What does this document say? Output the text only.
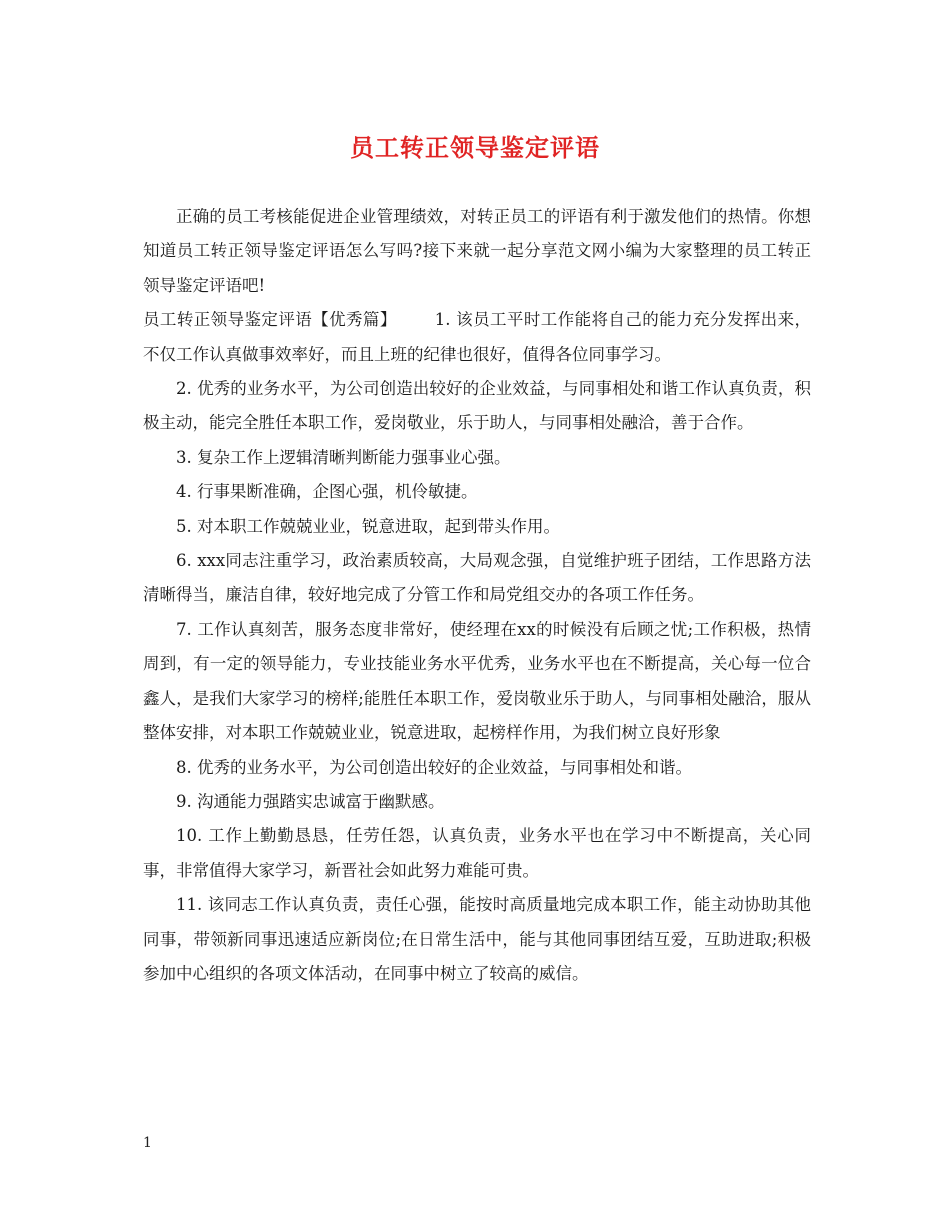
员工转正领导鉴定评语

正确的员工考核能促进企业管理绩效，对转正员工的评语有利于激发他们的热情。你想知道员工转正领导鉴定评语怎么写吗?接下来就一起分享范文网小编为大家整理的员工转正领导鉴定评语吧!

员工转正领导鉴定评语【优秀篇】 1. 该员工平时工作能将自己的能力充分发挥出来，不仅工作认真做事效率好，而且上班的纪律也很好，值得各位同事学习。

2. 优秀的业务水平，为公司创造出较好的企业效益，与同事相处和谐工作认真负责，积极主动，能完全胜任本职工作，爱岗敬业，乐于助人，与同事相处融洽，善于合作。

3. 复杂工作上逻辑清晰判断能力强事业心强。

4. 行事果断准确，企图心强，机伶敏捷。

5. 对本职工作兢兢业业，锐意进取，起到带头作用。

6. xxx同志注重学习，政治素质较高，大局观念强，自觉维护班子团结，工作思路方法清晰得当，廉洁自律，较好地完成了分管工作和局党组交办的各项工作任务。

7. 工作认真刻苦，服务态度非常好，使经理在xx的时候没有后顾之忧;工作积极，热情周到，有一定的领导能力，专业技能业务水平优秀，业务水平也在不断提高，关心每一位合鑫人，是我们大家学习的榜样;能胜任本职工作，爱岗敬业乐于助人，与同事相处融洽，服从整体安排，对本职工作兢兢业业，锐意进取，起榜样作用，为我们树立良好形象

8. 优秀的业务水平，为公司创造出较好的企业效益，与同事相处和谐。

9. 沟通能力强踏实忠诚富于幽默感。

10. 工作上勤勤恳恳，任劳任怨，认真负责，业务水平也在学习中不断提高，关心同事，非常值得大家学习，新晋社会如此努力难能可贵。

11. 该同志工作认真负责，责任心强，能按时高质量地完成本职工作，能主动协助其他同事，带领新同事迅速适应新岗位;在日常生活中，能与其他同事团结互爱，互助进取;积极参加中心组织的各项文体活动，在同事中树立了较高的威信。

1
